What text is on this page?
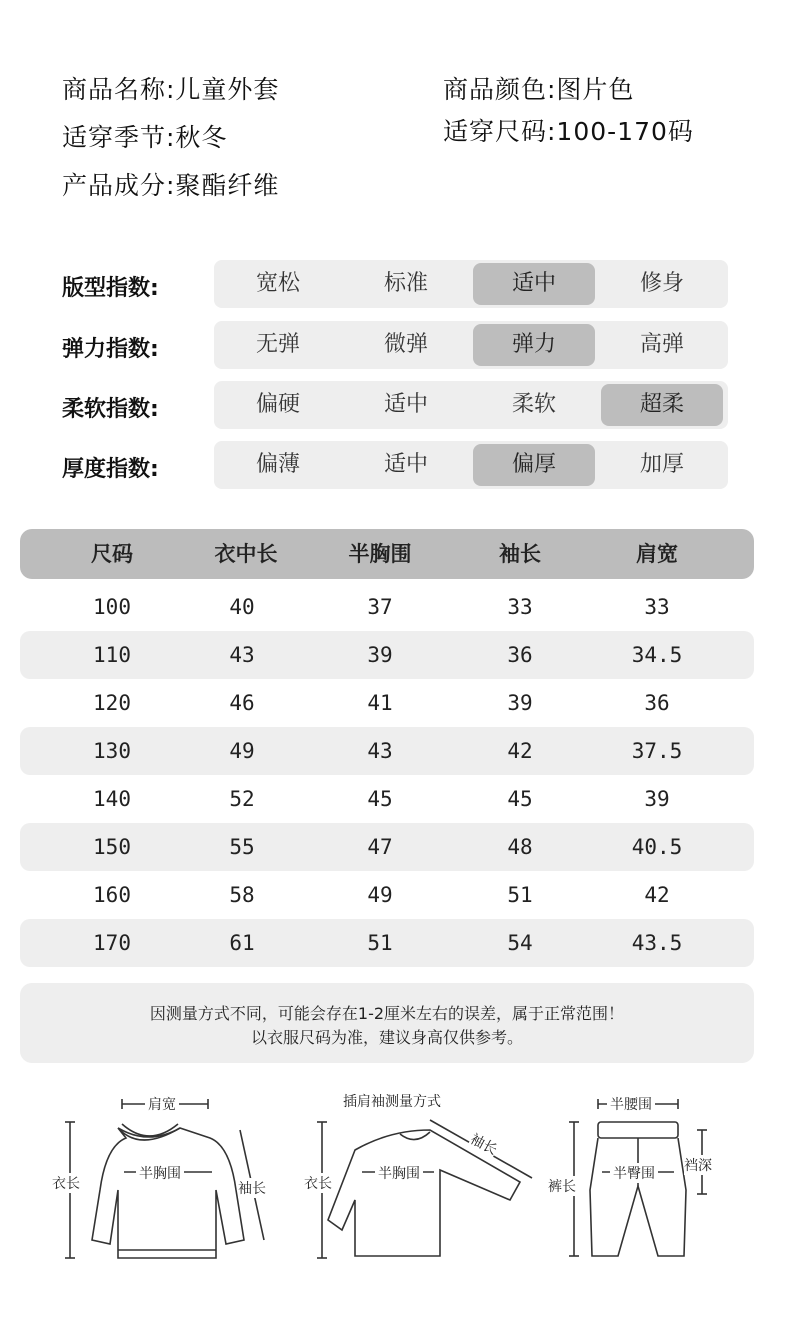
商品名称:儿童外套	商品颜色:图片色
适穿季节:秋冬	适穿尺码:100-170码
产品成分:聚酯纤维
版型指数:	宽松	标准	适中	修身
弹力指数:	无弹	微弹	弹力	高弹
柔软指数:	偏硬	适中	柔软	超柔
厚度指数:	偏薄	适中	偏厚	加厚
尺码	衣中长	半胸围	袖长	肩宽
100	40	37	33	33
110	43	39	36	34.5
120	46	41	39	36
130	49	43	42	37.5
140	52	45	45	39
150	55	47	48	40.5
160	58	49	51	42
170	61	51	54	43.5
因测量方式不同，可能会存在1-2厘米左右的误差，属于正常范围！
以衣服尺码为准，建议身高仅供参考。
肩宽
衣长
半胸围
袖长
插肩袖测量方式
袖长
衣长
半胸围
半腰围
裤长
半臀围 裆深
